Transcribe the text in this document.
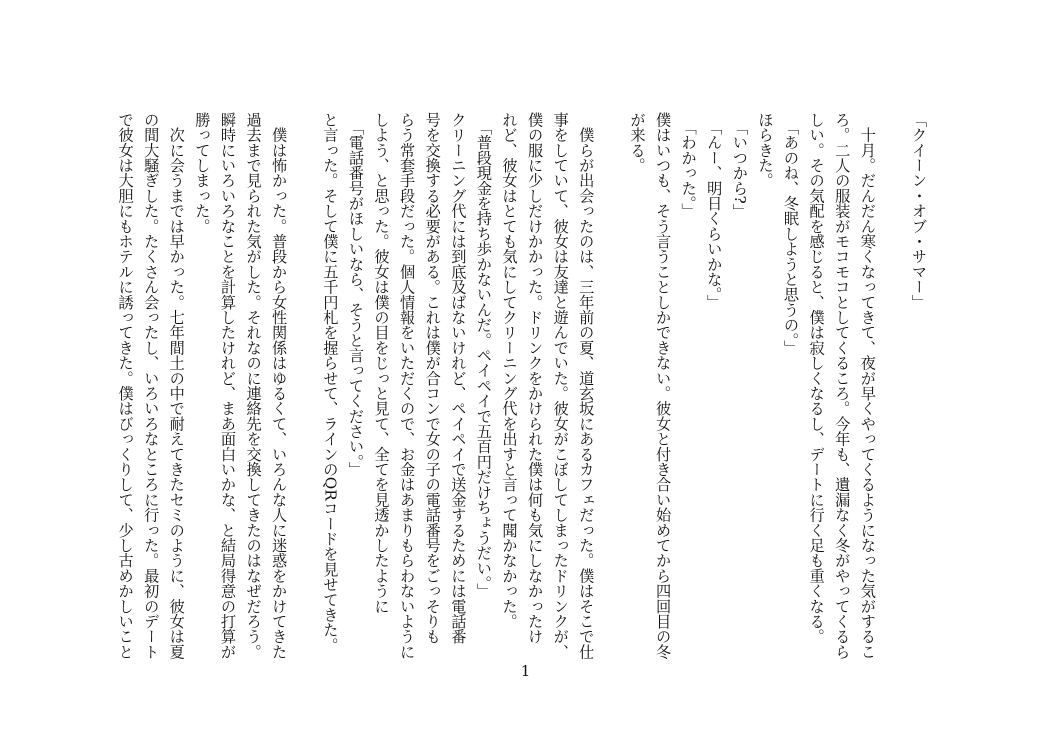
「クイーン・オブ・サマー」
　十月。だんだん寒くなってきて、夜が早くやってくるようになった気がするこ
ろ。二人の服装がモコモコとしてくるころ。今年も、遺漏なく冬がやってくるら
しい。その気配を感じると、僕は寂しくなるし、デートに行く足も重くなる。
　「あのね、冬眠しようと思うの。」
ほらきた。
　「いつから?」
　「んー、明日くらいかな。」
　「わかった。」
僕はいつも、そう言うことしかできない。彼女と付き合い始めてから四回目の冬
が来る。
　僕らが出会ったのは、三年前の夏、道玄坂にあるカフェだった。僕はそこで仕
事をしていて、彼女は友達と遊んでいた。彼女がこぼしてしまったドリンクが、
僕の服に少しだけかかった。ドリンクをかけられた僕は何も気にしなかったけ
れど、彼女はとても気にしてクリーニング代を出すと言って聞かなかった。
　「普段現金を持ち歩かないんだ。ペイペイで五百円だけちょうだい。」
クリーニング代には到底及ばないけれど、ペイペイで送金するためには電話番
号を交換する必要がある。これは僕が合コンで女の子の電話番号をごっそりも
らう常套手段だった。個人情報をいただくので、お金はあまりもらわないように
しよう、と思った。彼女は僕の目をじっと見て、全てを見透かしたように
　「電話番号がほしいなら、そうと言ってください。」
と言った。そして僕に五千円札を握らせて、ラインのQRコードを見せてきた。
　僕は怖かった。普段から女性関係はゆるくて、いろんな人に迷惑をかけてきた
過去まで見られた気がした。それなのに連絡先を交換してきたのはなぜだろう。
瞬時にいろいろなことを計算したけれど、まあ面白いかな、と結局得意の打算が
勝ってしまった。
　次に会うまでは早かった。七年間土の中で耐えてきたセミのように、彼女は夏
の間大騒ぎした。たくさん会ったし、いろいろなところに行った。最初のデート
で彼女は大胆にもホテルに誘ってきた。僕はびっくりして、少し古めかしいこと
1
